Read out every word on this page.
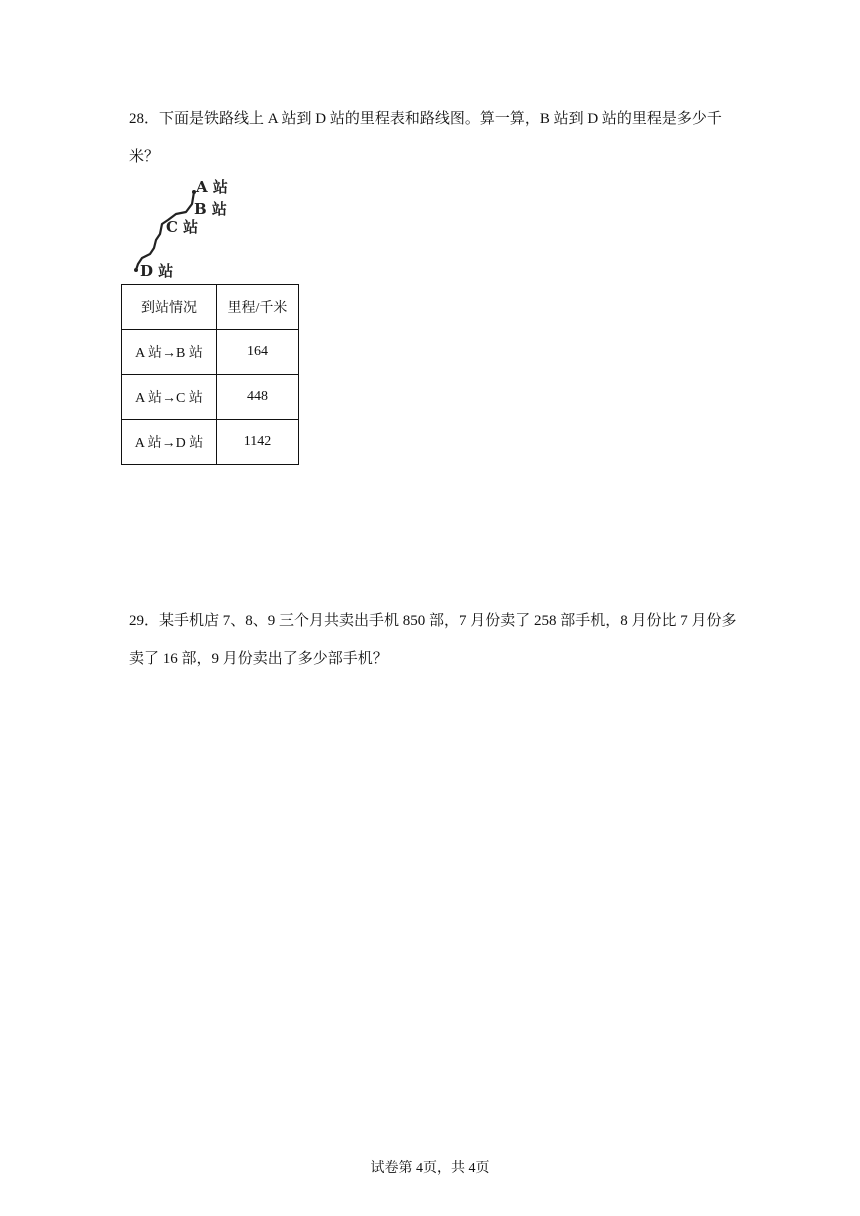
28．下面是铁路线上 A 站到 D 站的里程表和路线图。算一算，B 站到 D 站的里程是多少千米？

A 站
B 站
C 站
D 站
到站情况	里程/千米
A 站→B 站	164
A 站→C 站	448
A 站→D 站	1142

29．某手机店 7、8、9 三个月共卖出手机 850 部，7 月份卖了 258 部手机，8 月份比 7 月份多卖了 16 部，9 月份卖出了多少部手机？

试卷第 4页，共 4页
